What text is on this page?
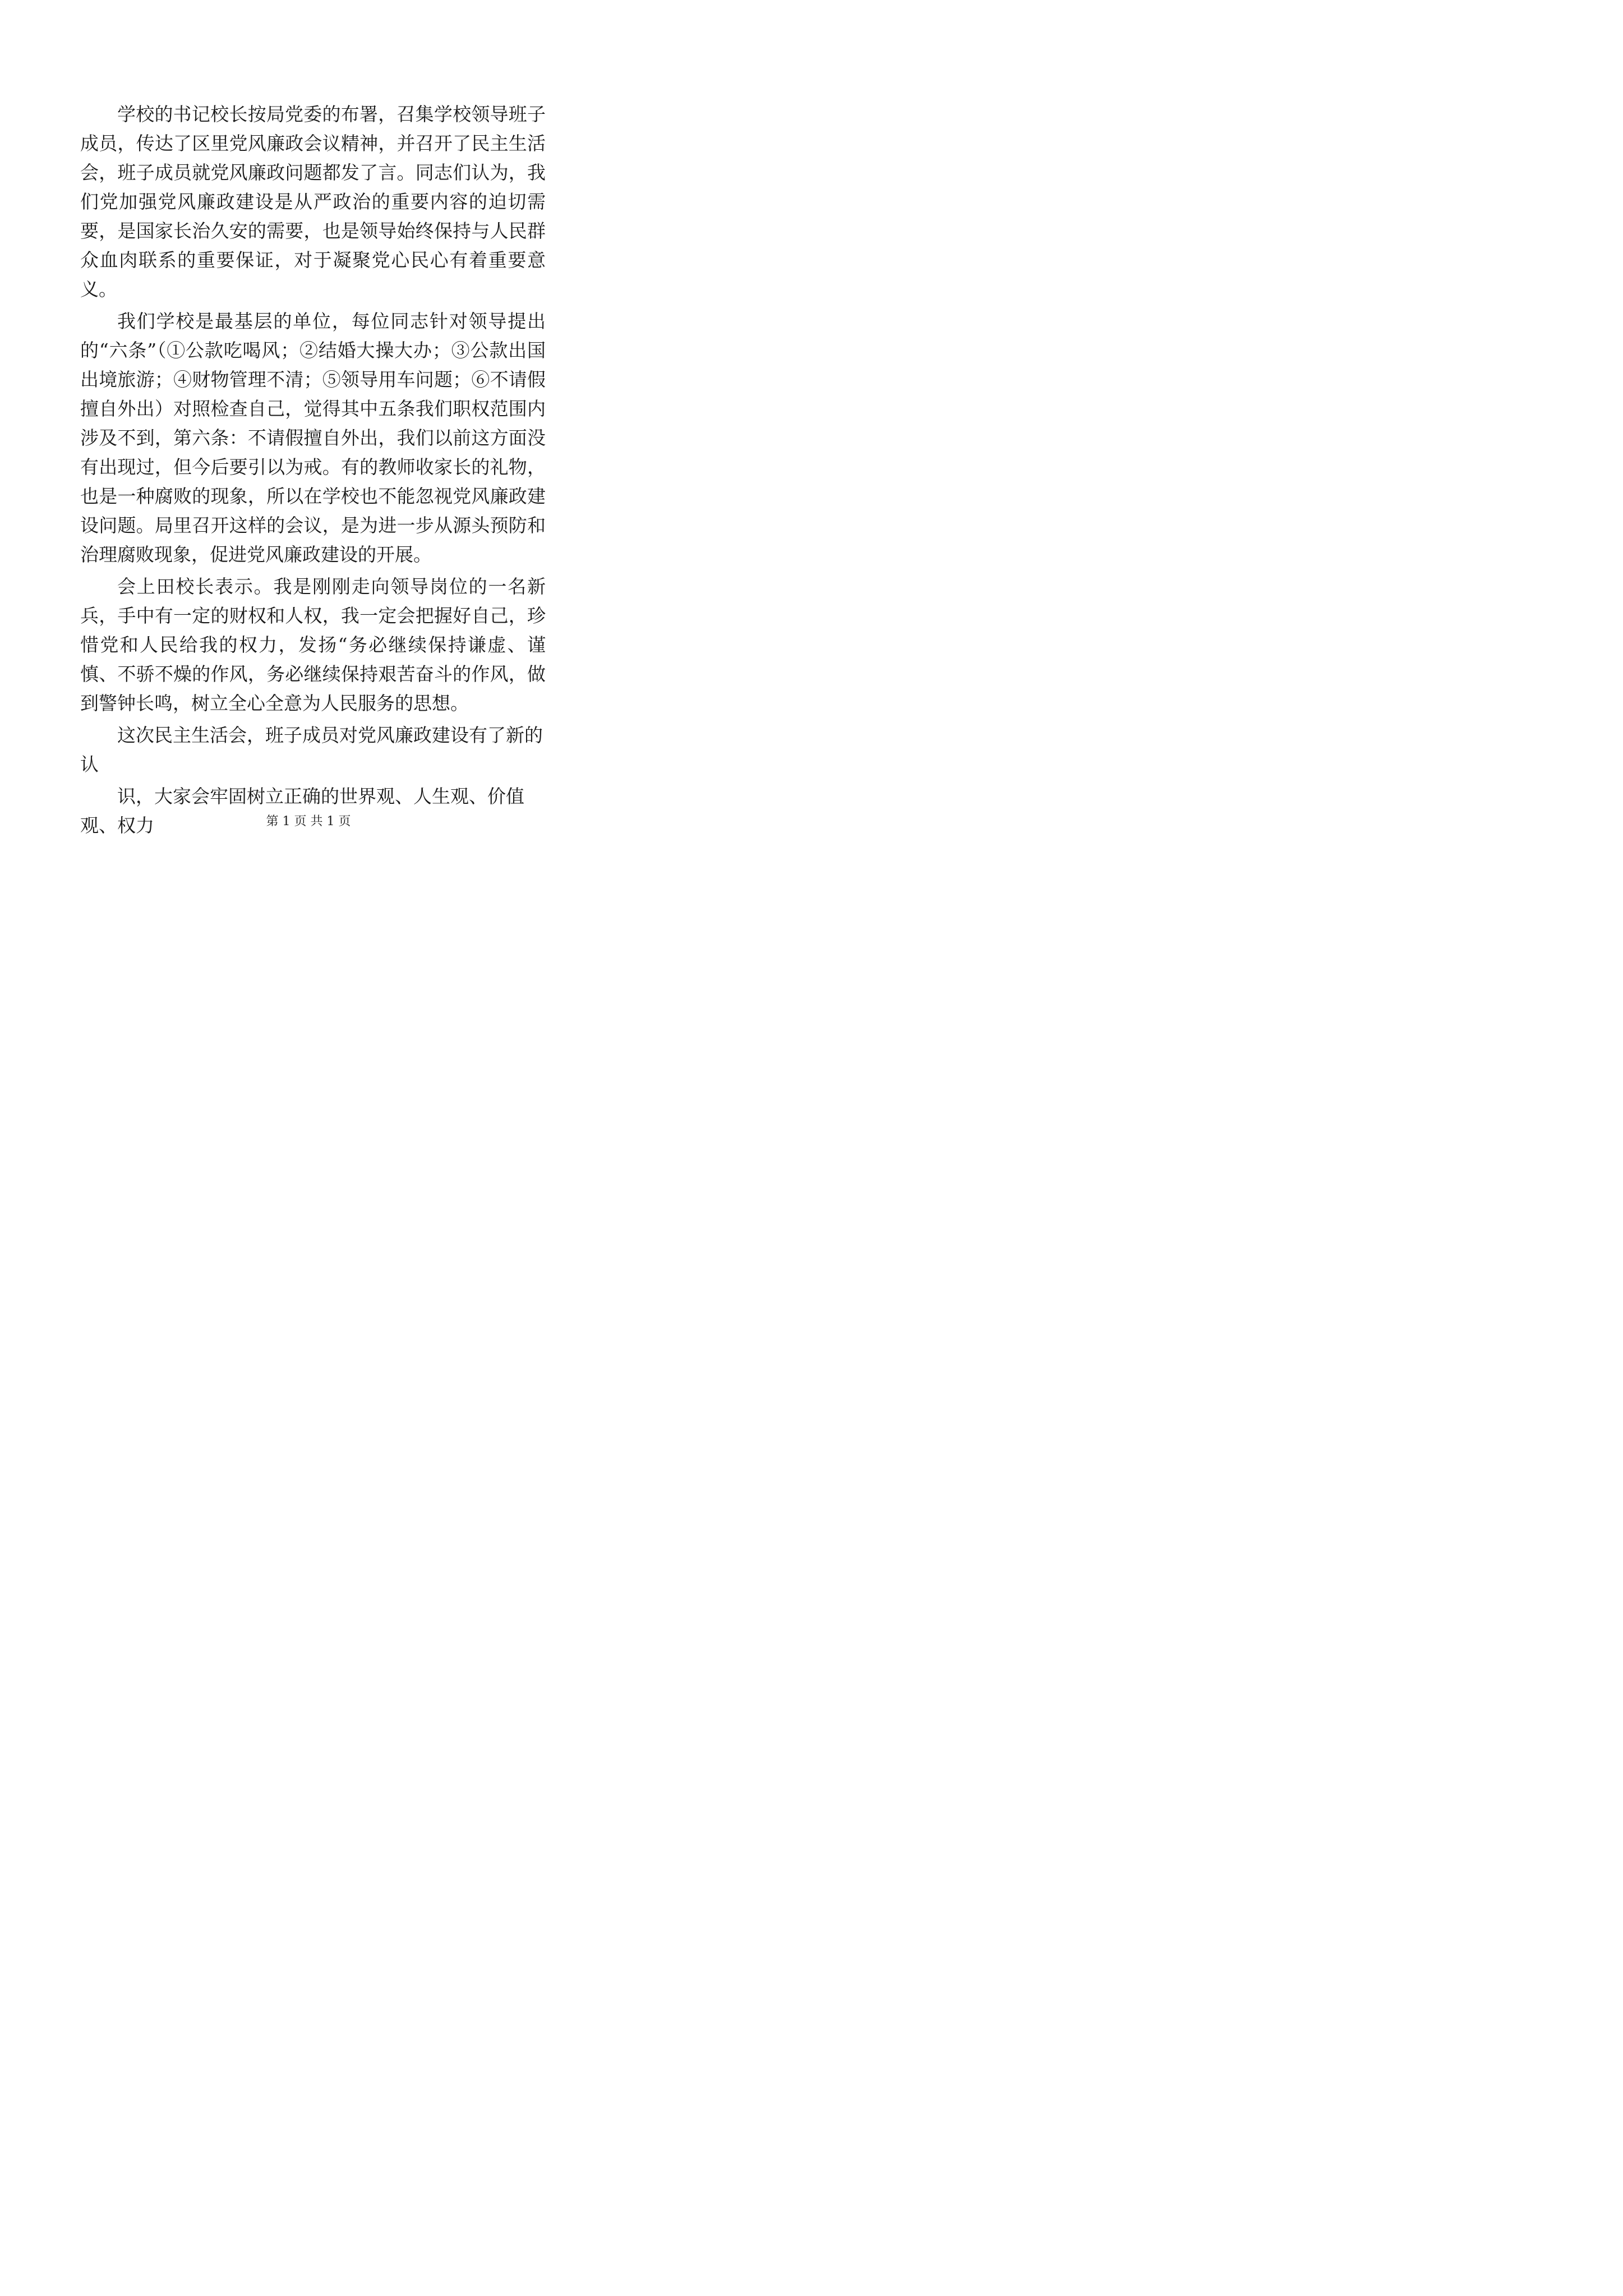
学校的书记校长按局党委的布署，召集学校领导班子成员，传达了区里党风廉政会议精神，并召开了民主生活会，班子成员就党风廉政问题都发了言。同志们认为，我们党加强党风廉政建设是从严政治的重要内容的迫切需要，是国家长治久安的需要，也是领导始终保持与人民群众血肉联系的重要保证，对于凝聚党心民心有着重要意义。

我们学校是最基层的单位，每位同志针对领导提出的“六条”（①公款吃喝风；②结婚大操大办；③公款出国出境旅游；④财物管理不清；⑤领导用车问题；⑥不请假擅自外出）对照检查自己，觉得其中五条我们职权范围内涉及不到，第六条：不请假擅自外出，我们以前这方面没有出现过，但今后要引以为戒。有的教师收家长的礼物，也是一种腐败的现象，所以在学校也不能忽视党风廉政建设问题。局里召开这样的会议，是为进一步从源头预防和治理腐败现象，促进党风廉政建设的开展。

会上田校长表示。我是刚刚走向领导岗位的一名新兵，手中有一定的财权和人权，我一定会把握好自己，珍惜党和人民给我的权力，发扬“务必继续保持谦虚、谨慎、不骄不燥的作风，务必继续保持艰苦奋斗的作风，做到警钟长鸣，树立全心全意为人民服务的思想。

这次民主生活会，班子成员对党风廉政建设有了新的认

识，大家会牢固树立正确的世界观、人生观、价值观、权力	第 1 页 共 1 页
